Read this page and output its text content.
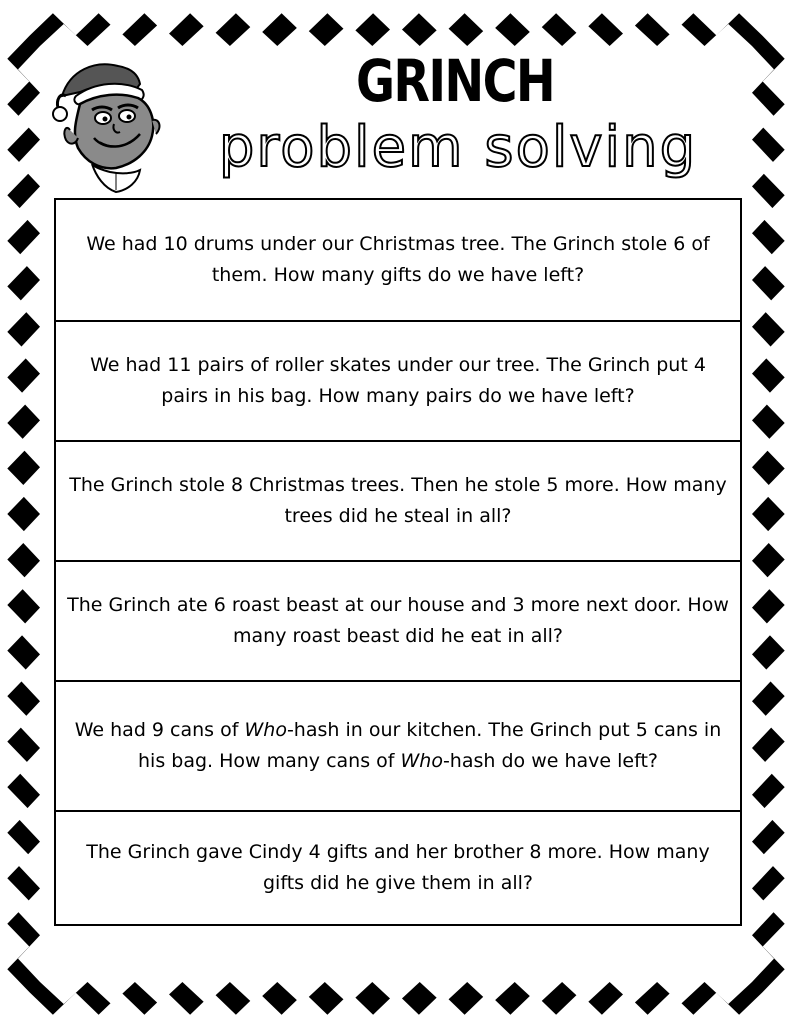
GRINCH
problem solving

We had 10 drums under our Christmas tree. The Grinch stole 6 of them. How many gifts do we have left?

We had 11 pairs of roller skates under our tree. The Grinch put 4 pairs in his bag. How many pairs do we have left?

The Grinch stole 8 Christmas trees. Then he stole 5 more. How many trees did he steal in all?

The Grinch ate 6 roast beast at our house and 3 more next door. How many roast beast did he eat in all?

We had 9 cans of Who-hash in our kitchen. The Grinch put 5 cans in his bag. How many cans of Who-hash do we have left?

The Grinch gave Cindy 4 gifts and her brother 8 more. How many gifts did he give them in all?
